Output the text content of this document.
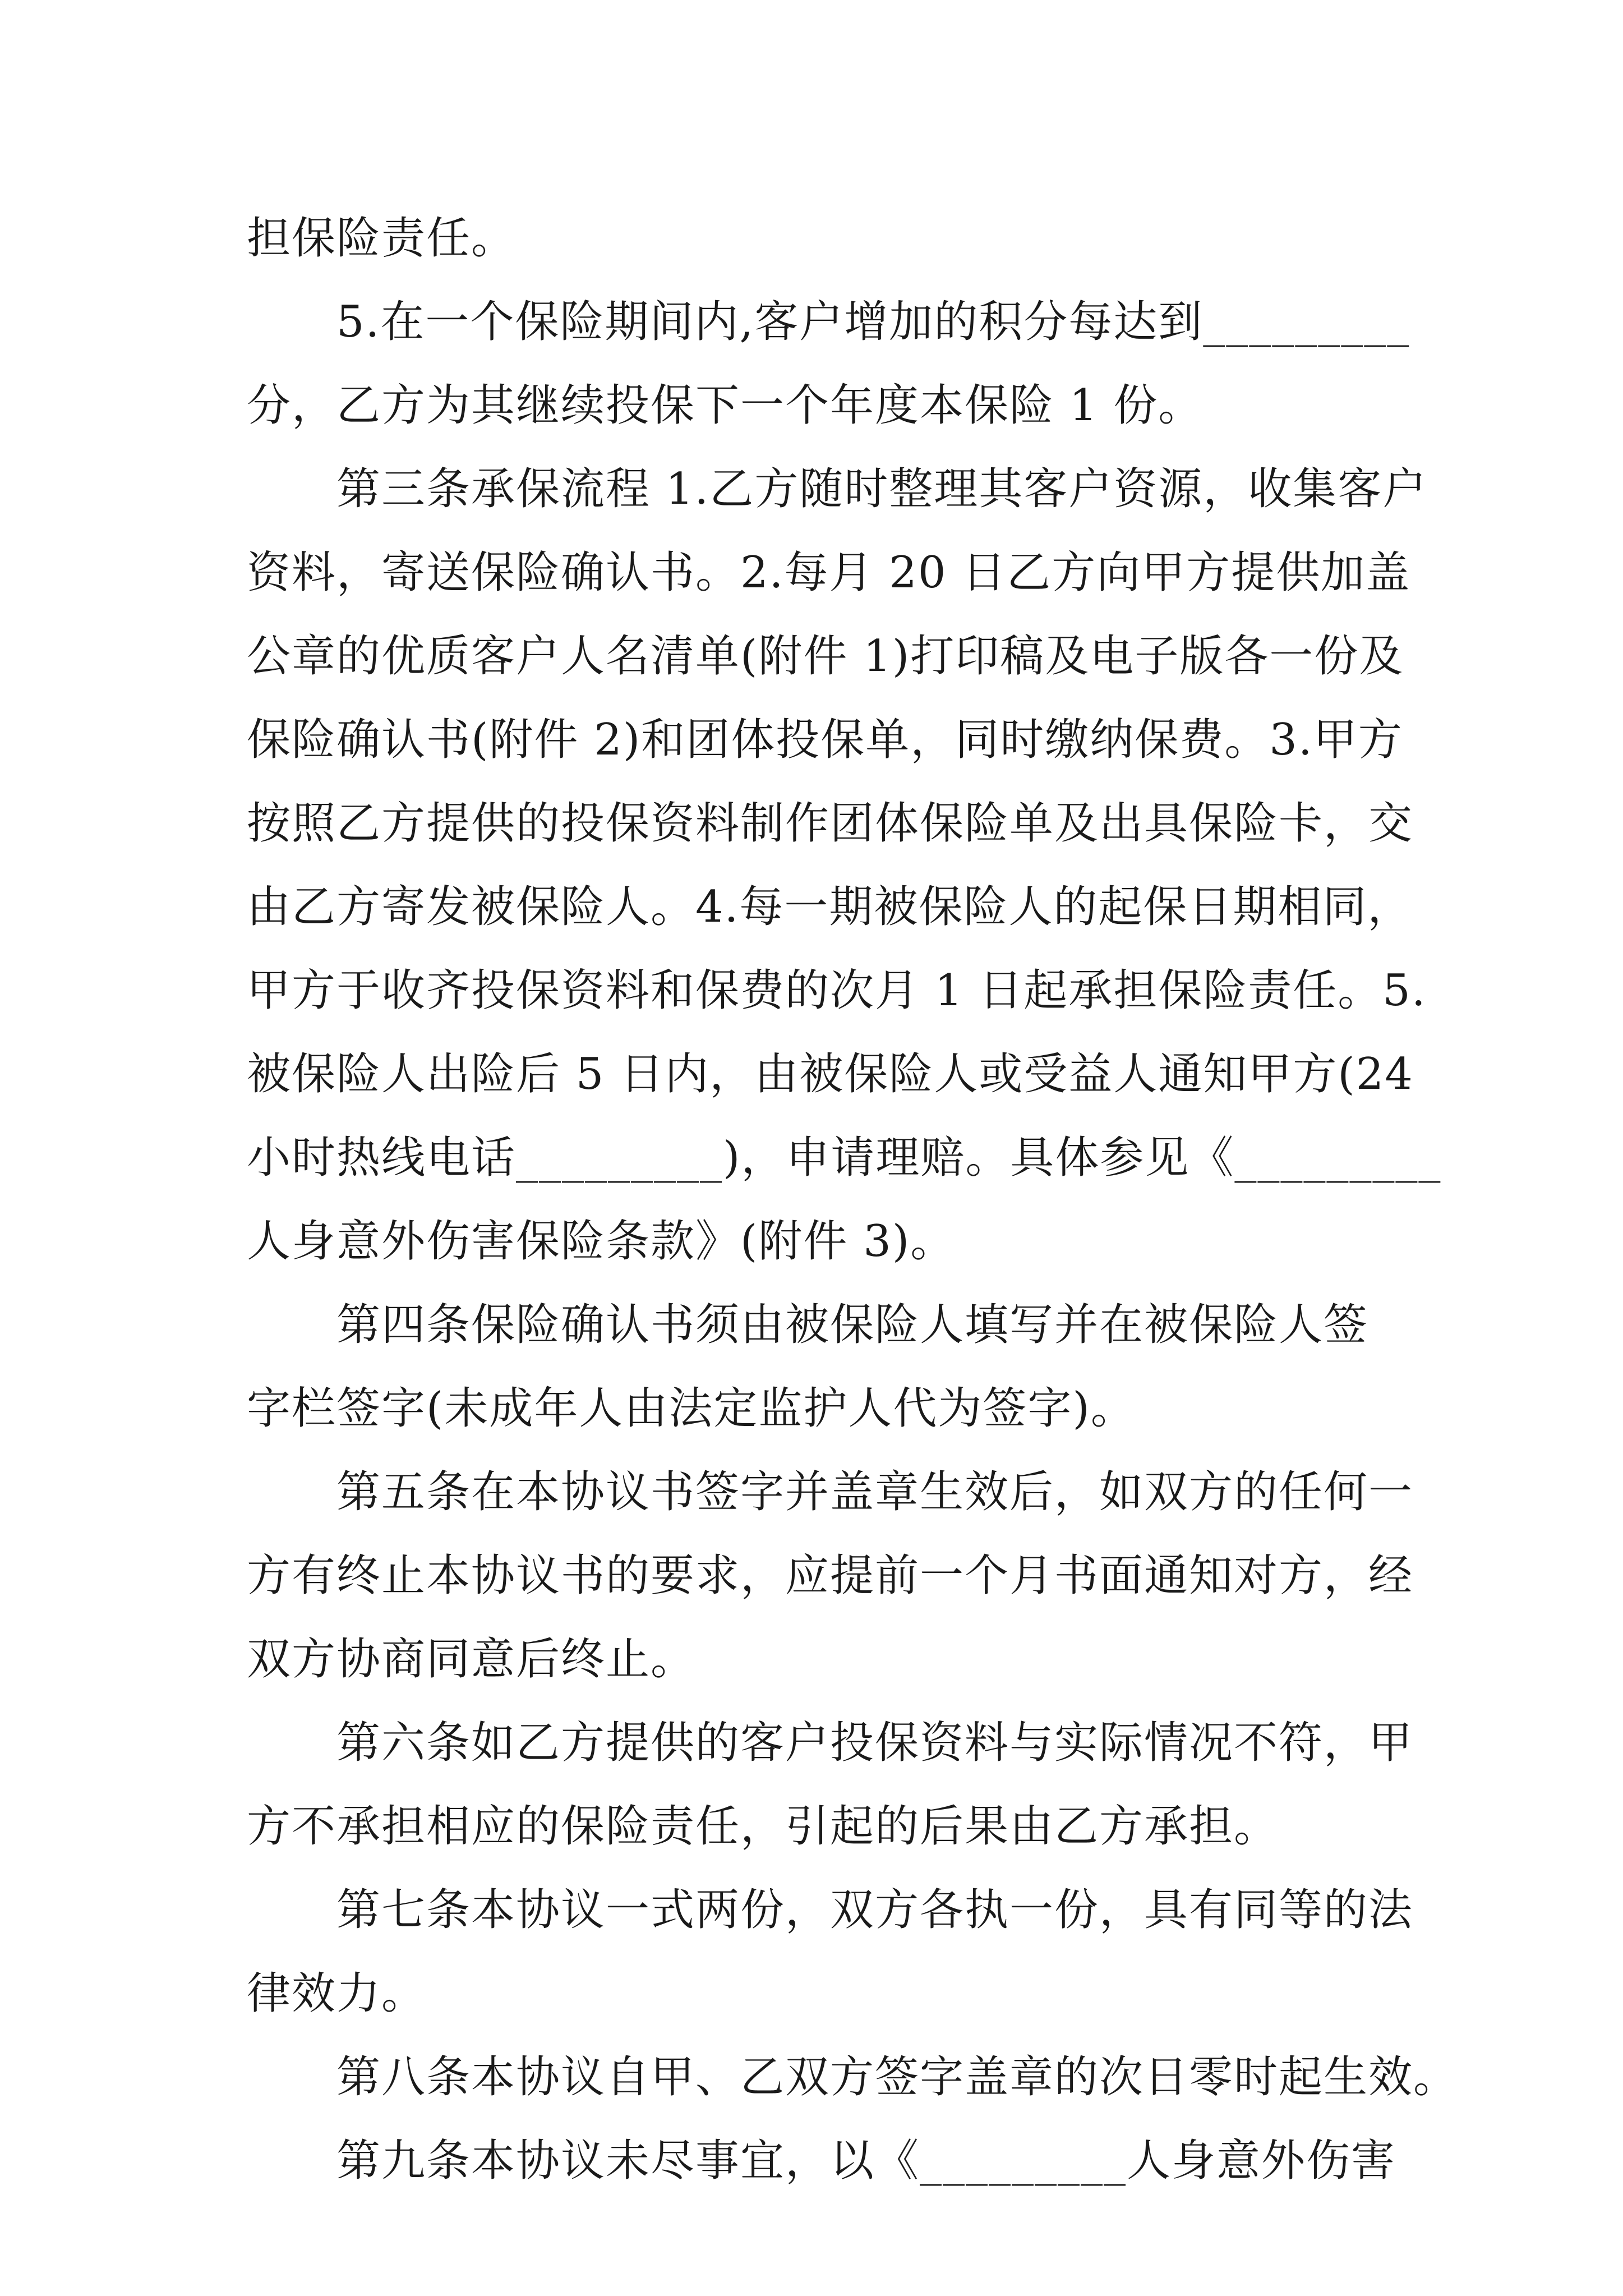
担保险责任。
5.在一个保险期间内,客户增加的积分每达到_________
分，乙方为其继续投保下一个年度本保险 1 份。
第三条承保流程 1.乙方随时整理其客户资源，收集客户
资料，寄送保险确认书。2.每月 20 日乙方向甲方提供加盖
公章的优质客户人名清单(附件 1)打印稿及电子版各一份及
保险确认书(附件 2)和团体投保单，同时缴纳保费。3.甲方
按照乙方提供的投保资料制作团体保险单及出具保险卡，交
由乙方寄发被保险人。4.每一期被保险人的起保日期相同，
甲方于收齐投保资料和保费的次月 1 日起承担保险责任。5.
被保险人出险后 5 日内，由被保险人或受益人通知甲方(24
小时热线电话_________)，申请理赔。具体参见《_________
人身意外伤害保险条款》(附件 3)。
第四条保险确认书须由被保险人填写并在被保险人签
字栏签字(未成年人由法定监护人代为签字)。
第五条在本协议书签字并盖章生效后，如双方的任何一
方有终止本协议书的要求，应提前一个月书面通知对方，经
双方协商同意后终止。
第六条如乙方提供的客户投保资料与实际情况不符，甲
方不承担相应的保险责任，引起的后果由乙方承担。
第七条本协议一式两份，双方各执一份，具有同等的法
律效力。
第八条本协议自甲、乙双方签字盖章的次日零时起生效。
第九条本协议未尽事宜，以《_________人身意外伤害
